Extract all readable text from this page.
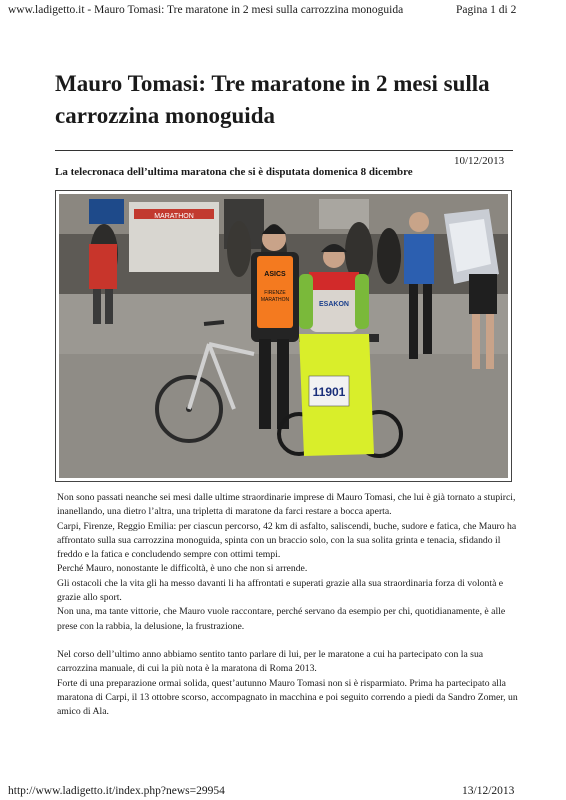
www.ladigetto.it - Mauro Tomasi: Tre maratone in 2 mesi sulla carrozzina monoguida	Pagina 1 di 2
Mauro Tomasi: Tre maratone in 2 mesi sulla carrozzina monoguida
10/12/2013
La telecronaca dell’ultima maratona che si è disputata domenica 8 dicembre
MARATHON
ASICS
FIRENZE
MARATHON
ESAKON
11901

Non sono passati neanche sei mesi dalle ultime straordinarie imprese di Mauro Tomasi, che lui è già tornato a stupirci, inanellando, una dietro l’altra, una tripletta di maratone da farci restare a bocca aperta.

Carpi, Firenze, Reggio Emilia: per ciascun percorso, 42 km di asfalto, saliscendi, buche, sudore e fatica, che Mauro ha affrontato sulla sua carrozzina monoguida, spinta con un braccio solo, con la sua solita grinta e tenacia, sfidando il freddo e la fatica e concludendo sempre con ottimi tempi.

Perché Mauro, nonostante le difficoltà, è uno che non si arrende.

Gli ostacoli che la vita gli ha messo davanti li ha affrontati e superati grazie alla sua straordinaria forza di volontà e grazie allo sport.

Non una, ma tante vittorie, che Mauro vuole raccontare, perché servano da esempio per chi, quotidianamente, è alle prese con la rabbia, la delusione, la frustrazione.

Nel corso dell’ultimo anno abbiamo sentito tanto parlare di lui, per le maratone a cui ha partecipato con la sua carrozzina manuale, di cui la più nota è la maratona di Roma 2013.

Forte di una preparazione ormai solida, quest’autunno Mauro Tomasi non si è risparmiato. Prima ha partecipato alla maratona di Carpi, il 13 ottobre scorso, accompagnato in macchina e poi seguito correndo a piedi da Sandro Zomer, un amico di Ala.

http://www.ladigetto.it/index.php?news=29954	13/12/2013
